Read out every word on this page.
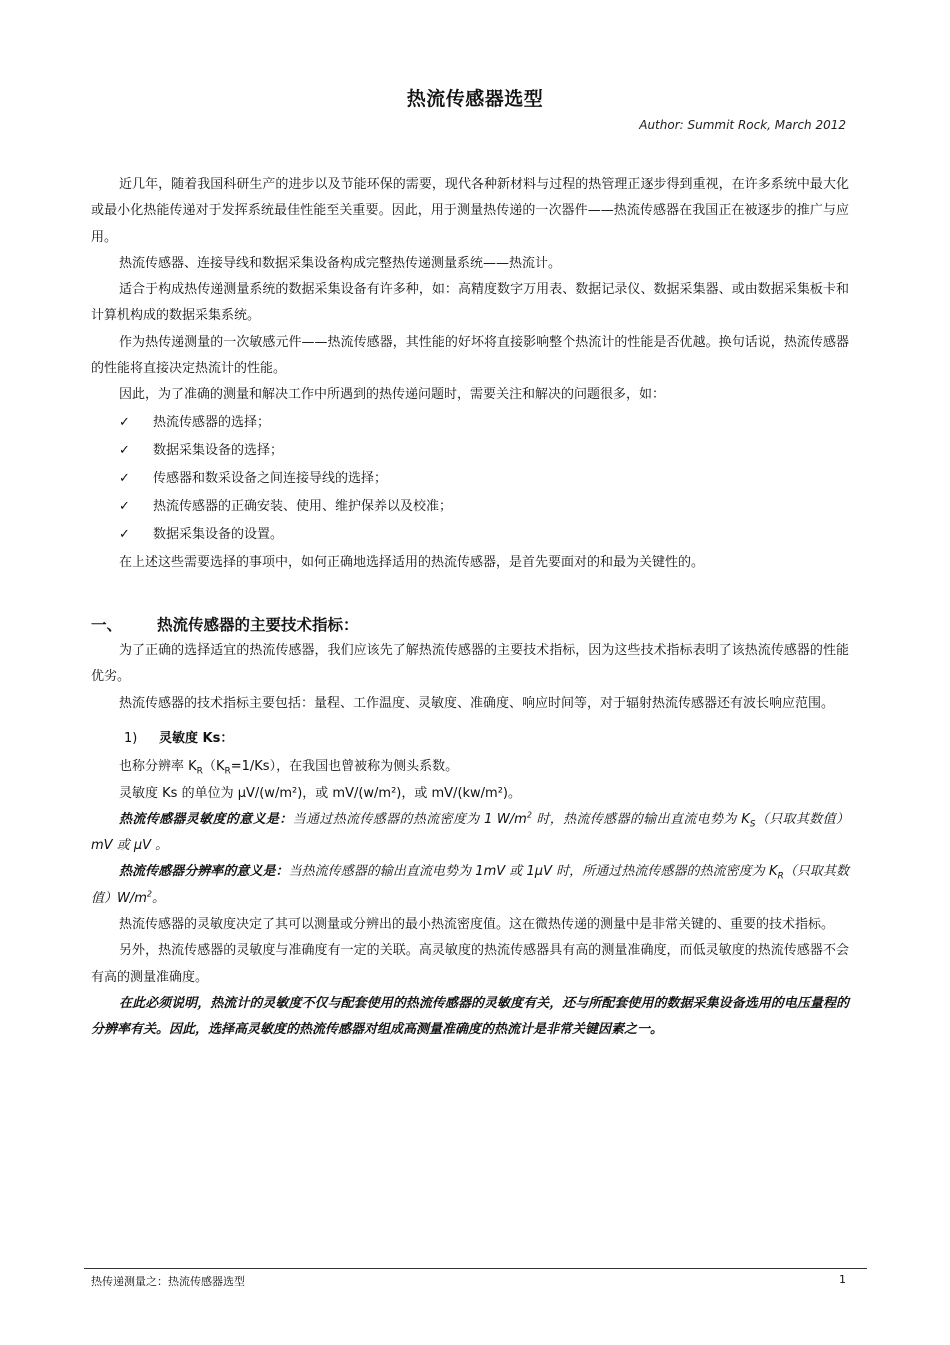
热流传感器选型
Author: Summit Rock, March 2012

近几年，随着我国科研生产的进步以及节能环保的需要，现代各种新材料与过程的热管理正逐步得到重视，在许多系统中最大化或最小化热能传递对于发挥系统最佳性能至关重要。因此，用于测量热传递的一次器件——热流传感器在我国正在被逐步的推广与应用。

热流传感器、连接导线和数据采集设备构成完整热传递测量系统——热流计。

适合于构成热传递测量系统的数据采集设备有许多种，如：高精度数字万用表、数据记录仪、数据采集器、或由数据采集板卡和计算机构成的数据采集系统。

作为热传递测量的一次敏感元件——热流传感器，其性能的好坏将直接影响整个热流计的性能是否优越。换句话说，热流传感器的性能将直接决定热流计的性能。

因此，为了准确的测量和解决工作中所遇到的热传递问题时，需要关注和解决的问题很多，如：

✓	热流传感器的选择；
✓	数据采集设备的选择；
✓	传感器和数采设备之间连接导线的选择；
✓	热流传感器的正确安装、使用、维护保养以及校准；
✓	数据采集设备的设置。

在上述这些需要选择的事项中，如何正确地选择适用的热流传感器，是首先要面对的和最为关键性的。

一、	热流传感器的主要技术指标：

为了正确的选择适宜的热流传感器，我们应该先了解热流传感器的主要技术指标，因为这些技术指标表明了该热流传感器的性能优劣。

热流传感器的技术指标主要包括：量程、工作温度、灵敏度、准确度、响应时间等，对于辐射热流传感器还有波长响应范围。

1)	灵敏度 Ks：
也称分辨率 $K_R(K_R=1/Ks)$，在我国也曾被称为侧头系数。
灵敏度 Ks 的单位为 μV/(w/m²)，或 mV/(w/m²)，或 mV/(kw/m²)。

热流传感器灵敏度的意义是：当通过热流传感器的热流密度为 1 $W/m^2$ 时，热流传感器的输出直流电势为 $K_S$（只取其数值）mV 或 μV 。

热流传感器分辨率的意义是：当热流传感器的输出直流电势为 1mV 或 1μV 时，所通过热流传感器的热流密度为 $K_R$（只取其数值）$W/m^2$。

热流传感器的灵敏度决定了其可以测量或分辨出的最小热流密度值。这在微热传递的测量中是非常关键的、重要的技术指标。

另外，热流传感器的灵敏度与准确度有一定的关联。高灵敏度的热流传感器具有高的测量准确度，而低灵敏度的热流传感器不会有高的测量准确度。

在此必须说明，热流计的灵敏度不仅与配套使用的热流传感器的灵敏度有关，还与所配套使用的数据采集设备选用的电压量程的分辨率有关。因此，选择高灵敏度的热流传感器对组成高测量准确度的热流计是非常关键因素之一。

热传递测量之：热流传感器选型	1
